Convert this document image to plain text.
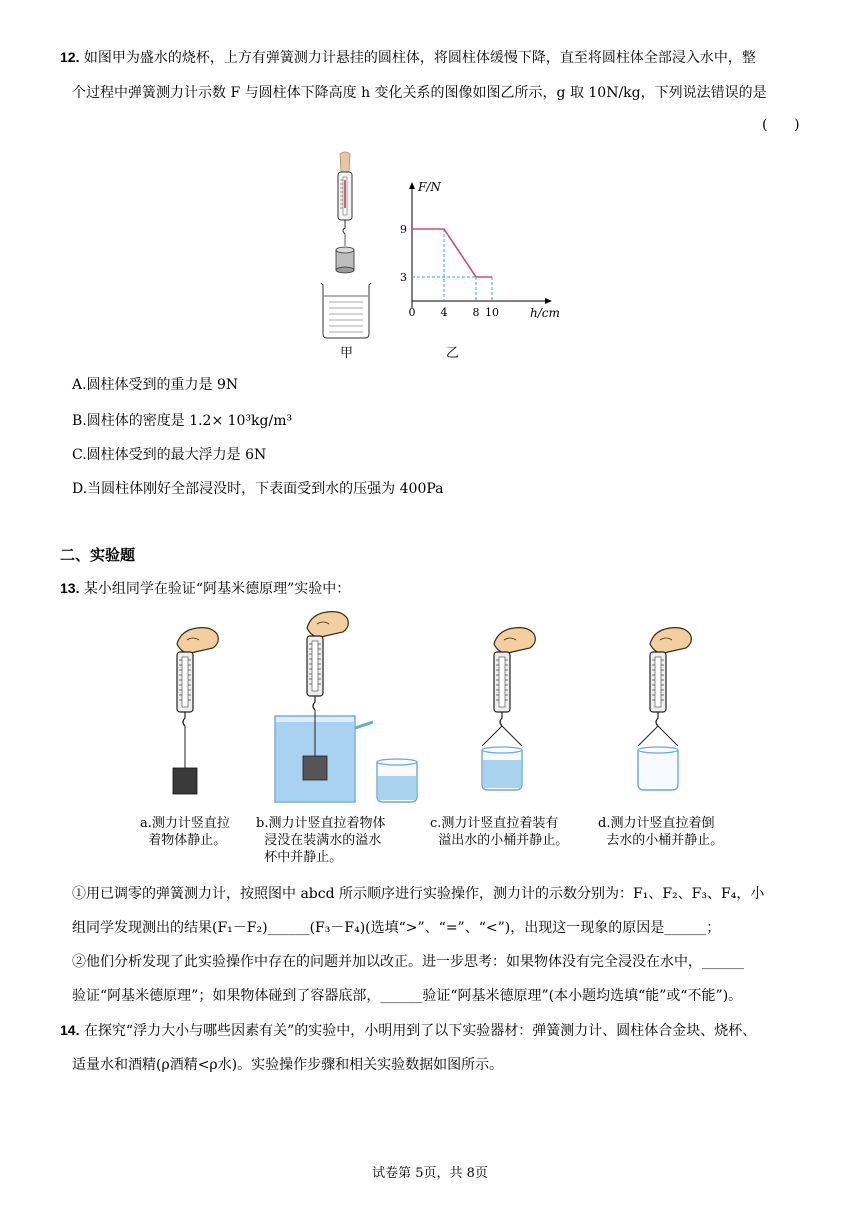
12. 如图甲为盛水的烧杯，上方有弹簧测力计悬挂的圆柱体，将圆柱体缓慢下降，直至将圆柱体全部浸入水中，整
个过程中弹簧测力计示数 F 与圆柱体下降高度 h 变化关系的图像如图乙所示，g 取 10N/kg，下列说法错误的是
(      )
甲
F/N
h/cm
0 4 8 10
9
3
乙
A.圆柱体受到的重力是 9N
B.圆柱体的密度是 1.2× 10³kg/m³
C.圆柱体受到的最大浮力是 6N
D.当圆柱体刚好全部浸没时，下表面受到水的压强为 400Pa
二、实验题
13. 某小组同学在验证“阿基米德原理”实验中：
a.测力计竖直拉
着物体静止。
b.测力计竖直拉着物体
浸没在装满水的溢水
杯中并静止。
c.测力计竖直拉着装有
溢出水的小桶并静止。
d.测力计竖直拉着倒
去水的小桶并静止。
①用已调零的弹簧测力计，按照图中 abcd 所示顺序进行实验操作，测力计的示数分别为：F₁、F₂、F₃、F₄，小
组同学发现测出的结果(F₁－F₂)______(F₃－F₄)(选填“>”、“=”、“<”)，出现这一现象的原因是______；
②他们分析发现了此实验操作中存在的问题并加以改正。进一步思考：如果物体没有完全浸没在水中，______
验证“阿基米德原理”；如果物体碰到了容器底部，______验证“阿基米德原理”(本小题均选填“能”或“不能”)。
14. 在探究“浮力大小与哪些因素有关”的实验中，小明用到了以下实验器材：弹簧测力计、圆柱体合金块、烧杯、
适量水和酒精(ρ酒精<ρ水)。实验操作步骤和相关实验数据如图所示。
试卷第 5页，共 8页
